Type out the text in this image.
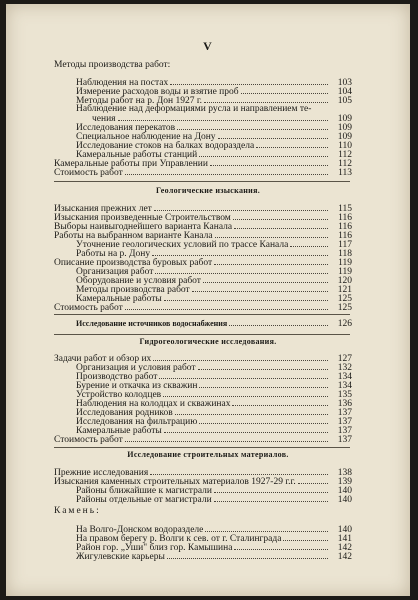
V
Методы производства работ:
Наблюдения на постах	103
Измерение расходов воды и взятие проб	104
Методы работ на р. Дон 1927 г.	105
Наблюдение над деформациями русла и направлением те-
чения	109
Исследования перекатов	109
Специальное наблюдение на Дону	109
Исследование стоков на балках водораздела	110
Камеральные работы станций	112
Камеральные работы при Управлении	112
Стоимость работ	113
Геологические изыскания.
Изыскания прежних лет	115
Изыскания произведенные Строительством	116
Выборы наивыгоднейшего варианта Канала	116
Работы на выбранном варианте Канала	116
Уточнение геологических условий по трассе Канала	117
Работы на р. Дону	118
Описание производства буровых работ	119
Организация работ	119
Оборудование и условия работ	120
Методы производства работ	121
Камеральные работы	125
Стоимость работ	125
Исследование источников водоснабжения	126
Гидрогеологические исследования.
Задачи работ и обзор их	127
Организация и условия работ	132
Производство работ	134
Бурение и откачка из скважин	134
Устройство колодцев	135
Наблюдения на колодцах и скважинах	136
Исследования родников	137
Исследования на фильтрацию	137
Камеральные работы	137
Стоимость работ	137
Исследование строительных материалов.
Прежние исследования	138
Изыскания каменных строительных материалов 1927-29 г.г.	139
Районы ближайшие к магистрали	140
Районы отдельные от магистрали	140
Камень:
На Волго-Донском водоразделе	140
На правом берегу р. Волги к сев. от г. Сталинграда	141
Район гор. „Уши" близ гор. Камышина	142
Жигулевские карьеры	142
